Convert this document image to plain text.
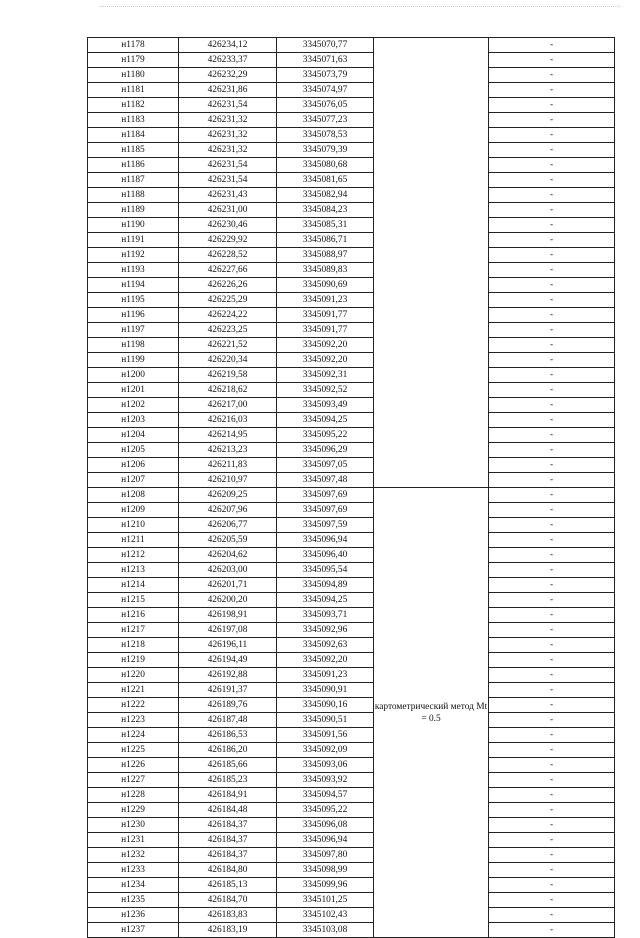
н1178	426234,12	3345070,77		-
н1179	426233,37	3345071,63		-
н1180	426232,29	3345073,79		-
н1181	426231,86	3345074,97		-
н1182	426231,54	3345076,05		-
н1183	426231,32	3345077,23		-
н1184	426231,32	3345078,53		-
н1185	426231,32	3345079,39		-
н1186	426231,54	3345080,68		-
н1187	426231,54	3345081,65		-
н1188	426231,43	3345082,94		-
н1189	426231,00	3345084,23		-
н1190	426230,46	3345085,31		-
н1191	426229,92	3345086,71		-
н1192	426228,52	3345088,97		-
н1193	426227,66	3345089,83		-
н1194	426226,26	3345090,69		-
н1195	426225,29	3345091,23		-
н1196	426224,22	3345091,77		-
н1197	426223,25	3345091,77		-
н1198	426221,52	3345092,20		-
н1199	426220,34	3345092,20		-
н1200	426219,58	3345092,31		-
н1201	426218,62	3345092,52		-
н1202	426217,00	3345093,49		-
н1203	426216,03	3345094,25		-
н1204	426214,95	3345095,22		-
н1205	426213,23	3345096,29		-
н1206	426211,83	3345097,05		-
н1207	426210,97	3345097,48		-
н1208	426209,25	3345097,69	картометрический метод Mt = 0.5	-
н1209	426207,96	3345097,69		-
н1210	426206,77	3345097,59		-
н1211	426205,59	3345096,94		-
н1212	426204,62	3345096,40		-
н1213	426203,00	3345095,54		-
н1214	426201,71	3345094,89		-
н1215	426200,20	3345094,25		-
н1216	426198,91	3345093,71		-
н1217	426197,08	3345092,96		-
н1218	426196,11	3345092,63		-
н1219	426194,49	3345092,20		-
н1220	426192,88	3345091,23		-
н1221	426191,37	3345090,91		-
н1222	426189,76	3345090,16		-
н1223	426187,48	3345090,51		-
н1224	426186,53	3345091,56		-
н1225	426186,20	3345092,09		-
н1226	426185,66	3345093,06		-
н1227	426185,23	3345093,92		-
н1228	426184,91	3345094,57		-
н1229	426184,48	3345095,22		-
н1230	426184,37	3345096,08		-
н1231	426184,37	3345096,94		-
н1232	426184,37	3345097,80		-
н1233	426184,80	3345098,99		-
н1234	426185,13	3345099,96		-
н1235	426184,70	3345101,25		-
н1236	426183,83	3345102,43		-
н1237	426183,19	3345103,08		-
